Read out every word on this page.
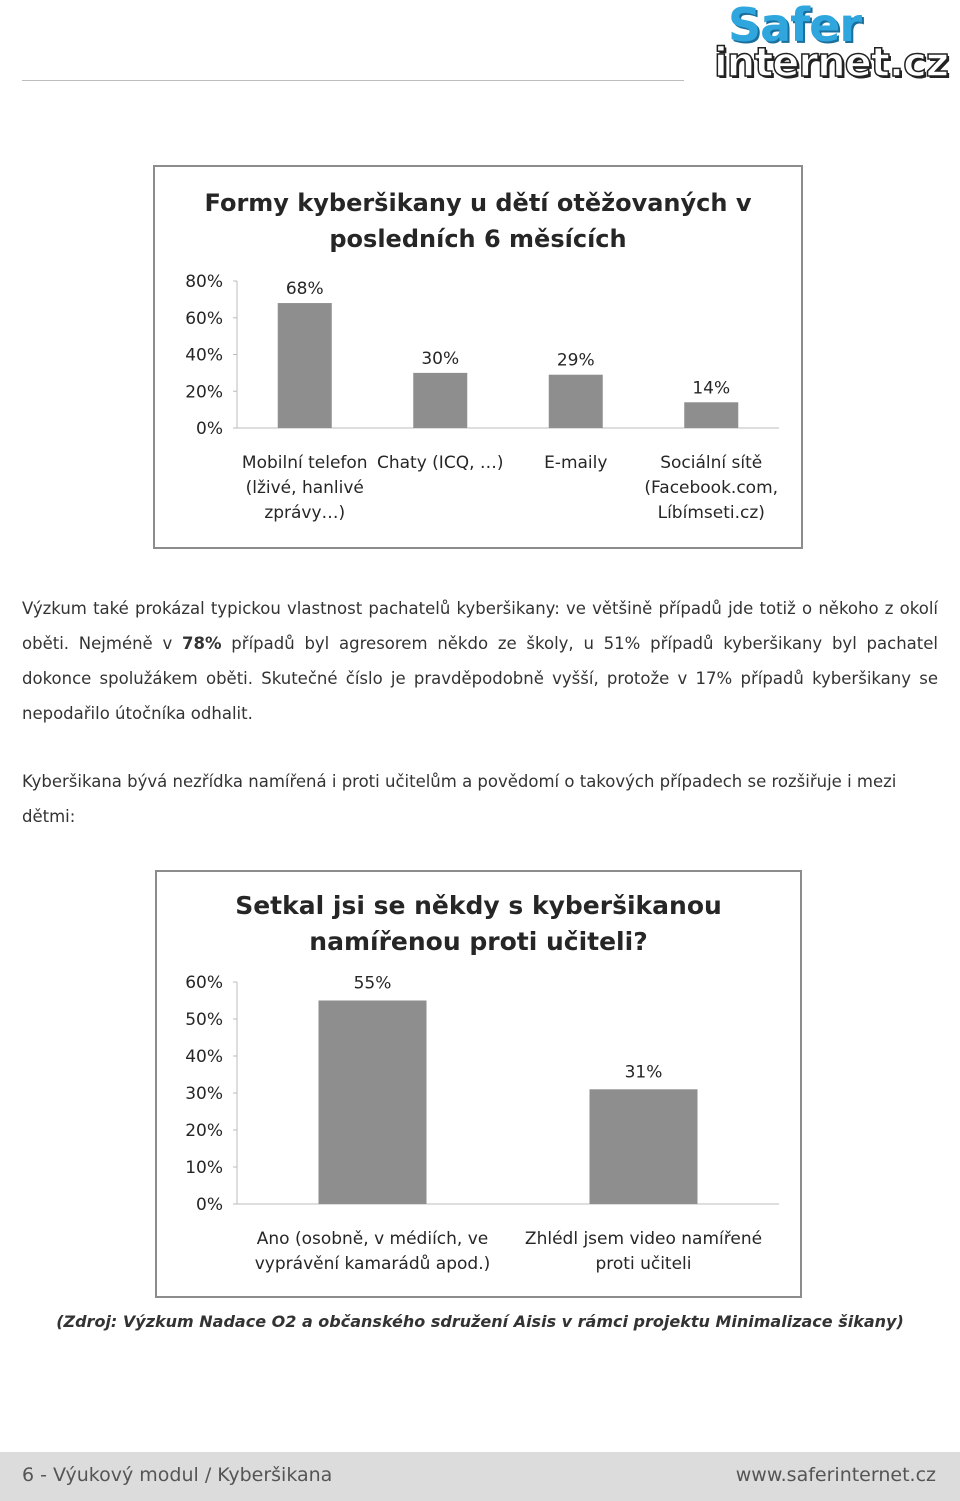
Safer
internet.cz
Formy kyberšikany u dětí otěžovaných v
posledních 6 měsících
0%
20%
40%
60%
80%	68%
Mobilní telefon
(lživé, hanlivé
zprávy…)
30%
Chaty (ICQ, …)
29%
E-maily
14%
Sociální sítě
(Facebook.com,
Líbímseti.cz)
Výzkum také prokázal typickou vlastnost pachatelů kyberšikany: ve většině případů jde totiž o někoho z okolí oběti. Nejméně v 78% případů byl agresorem někdo ze školy, u 51% případů kyberšikany byl pachatel dokonce spolužákem oběti. Skutečné číslo je pravděpodobně vyšší, protože v 17% případů kyberšikany se nepodařilo útočníka odhalit.
Kyberšikana bývá nezřídka namířená i proti učitelům a povědomí o takových případech se rozšiřuje i mezi dětmi:
Setkal jsi se někdy s kyberšikanou
namířenou proti učiteli?
0%
10%
20%
30%
40%
50%
60%	55%
Ano (osobně, v médiích, ve
vyprávění kamarádů apod.)
31%
Zhlédl jsem video namířené
proti učiteli
(Zdroj: Výzkum Nadace O2 a občanského sdružení Aisis v rámci projektu Minimalizace šikany)
6 - Výukový modul / Kyberšikana	www.saferinternet.cz
